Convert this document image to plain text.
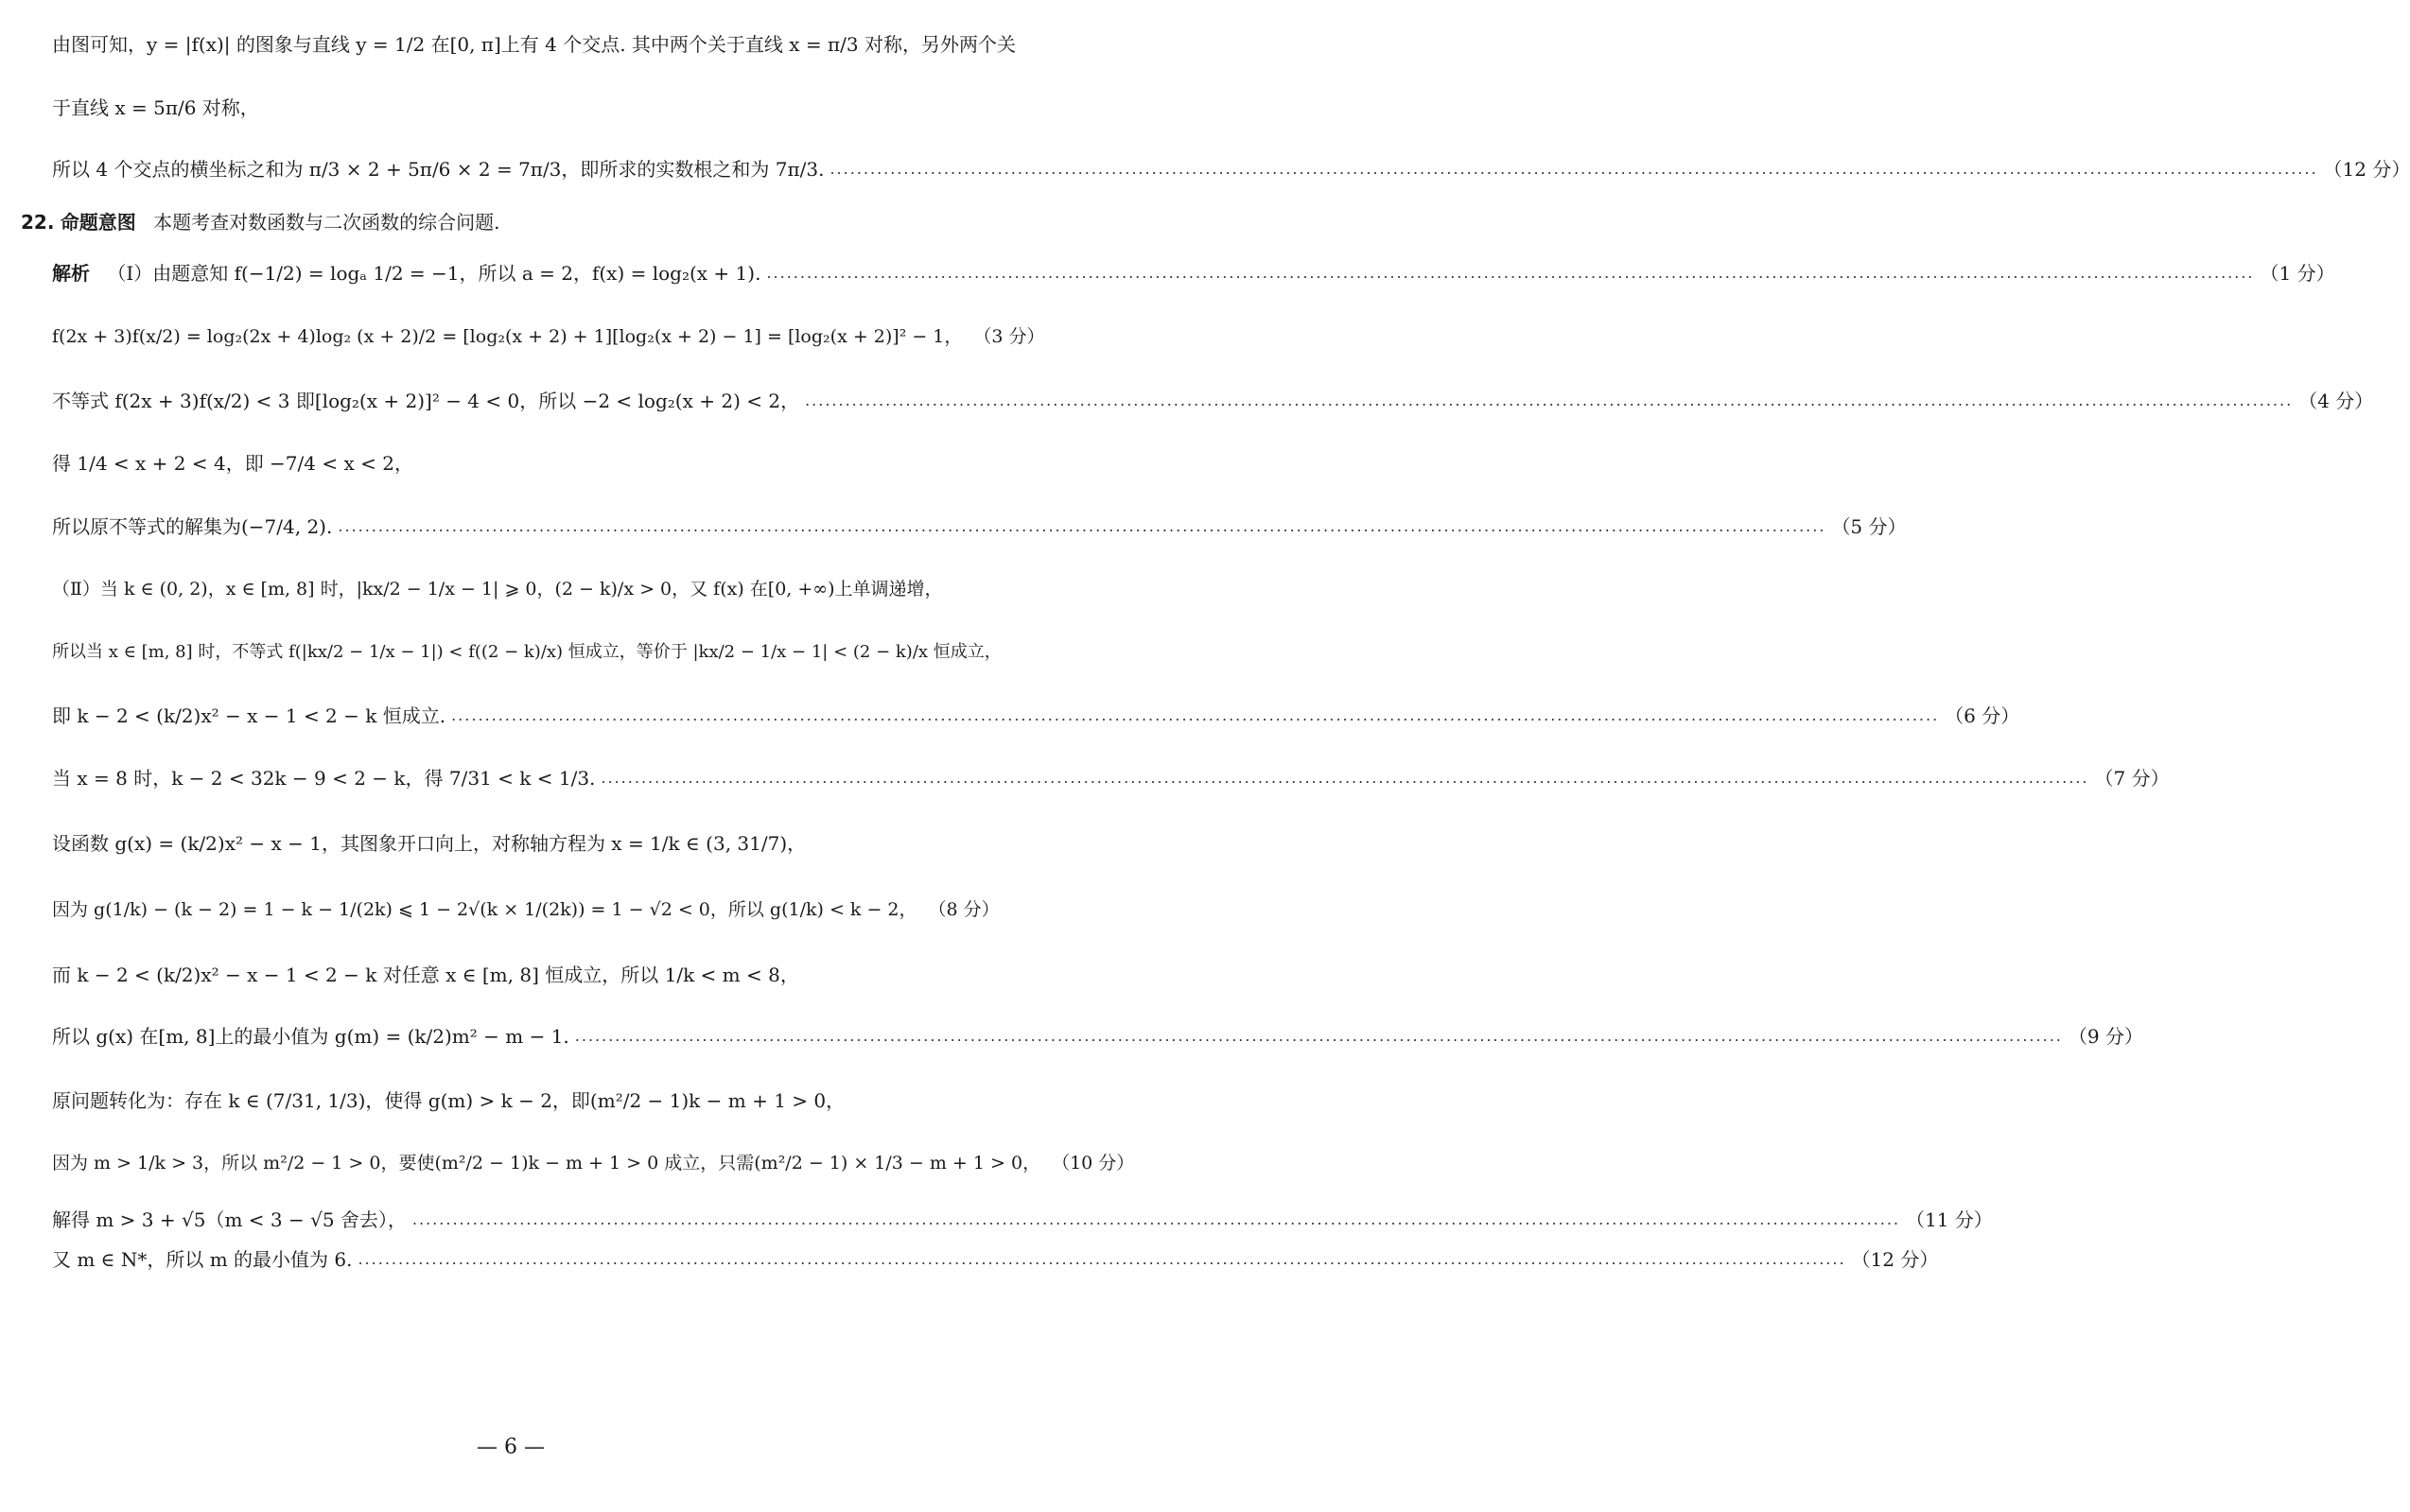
由图可知，y = |f(x)| 的图象与直线 y = 1/2 在[0, π]上有 4 个交点. 其中两个关于直线 x = π/3 对称，另外两个关
于直线 x = 5π/6 对称，
所以 4 个交点的横坐标之和为 π/3 × 2 + 5π/6 × 2 = 7π/3，即所求的实数根之和为 7π/3. .....	（12 分）
22. 命题意图 本题考查对数函数与二次函数的综合问题.
解析 （Ⅰ）由题意知 f(−1/2) = logₐ 1/2 = −1，所以 a = 2，f(x) = log₂(x + 1). .....	（1 分）
f(2x + 3)f(x/2) = log₂(2x + 4)log₂ (x + 2)/2 = [log₂(x + 2) + 1][log₂(x + 2) − 1] = [log₂(x + 2)]² − 1， （3 分）
不等式 f(2x + 3)f(x/2) < 3 即[log₂(x + 2)]² − 4 < 0，所以 −2 < log₂(x + 2) < 2， .....	（4 分）
得 1/4 < x + 2 < 4，即 −7/4 < x < 2，
所以原不等式的解集为(−7/4, 2). .....	（5 分）
（Ⅱ）当 k ∈ (0, 2)，x ∈ [m, 8] 时，|kx/2 − 1/x − 1| ⩾ 0，(2 − k)/x > 0，又 f(x) 在[0, +∞)上单调递增，
所以当 x ∈ [m, 8] 时，不等式 f(|kx/2 − 1/x − 1|) < f((2 − k)/x) 恒成立，等价于 |kx/2 − 1/x − 1| < (2 − k)/x 恒成立，
即 k − 2 < (k/2)x² − x − 1 < 2 − k 恒成立. .....	（6 分）
当 x = 8 时，k − 2 < 32k − 9 < 2 − k，得 7/31 < k < 1/3. .....	（7 分）
设函数 g(x) = (k/2)x² − x − 1，其图象开口向上，对称轴方程为 x = 1/k ∈ (3, 31/7)，
因为 g(1/k) − (k − 2) = 1 − k − 1/(2k) ⩽ 1 − 2√(k × 1/(2k)) = 1 − √2 < 0，所以 g(1/k) < k − 2， （8 分）
而 k − 2 < (k/2)x² − x − 1 < 2 − k 对任意 x ∈ [m, 8] 恒成立，所以 1/k < m < 8，
所以 g(x) 在[m, 8]上的最小值为 g(m) = (k/2)m² − m − 1. .....	（9 分）
原问题转化为：存在 k ∈ (7/31, 1/3)，使得 g(m) > k − 2，即(m²/2 − 1)k − m + 1 > 0，
因为 m > 1/k > 3，所以 m²/2 − 1 > 0，要使(m²/2 − 1)k − m + 1 > 0 成立，只需(m²/2 − 1) × 1/3 − m + 1 > 0， （10 分）
解得 m > 3 + √5（m < 3 − √5 舍去）， .....	（11 分）
又 m ∈ N*，所以 m 的最小值为 6. .....	（12 分）
— 6 —
